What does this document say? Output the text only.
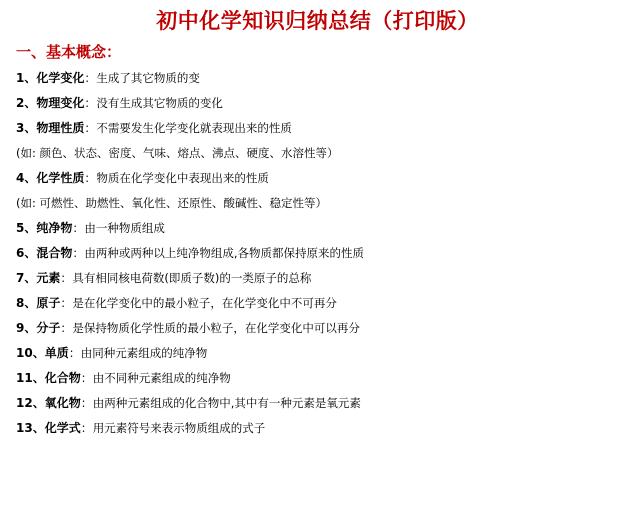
初中化学知识归纳总结（打印版）
一、基本概念：
1、化学变化：生成了其它物质的变
2、物理变化：没有生成其它物质的变化
3、物理性质：不需要发生化学变化就表现出来的性质
(如: 颜色、状态、密度、气味、熔点、沸点、硬度、水溶性等）
4、化学性质：物质在化学变化中表现出来的性质
(如: 可燃性、助燃性、氧化性、还原性、酸碱性、稳定性等）
5、纯净物：由一种物质组成
6、混合物：由两种或两种以上纯净物组成,各物质都保持原来的性质
7、元素：具有相同核电荷数(即质子数)的一类原子的总称
8、原子：是在化学变化中的最小粒子，在化学变化中不可再分
9、分子：是保持物质化学性质的最小粒子，在化学变化中可以再分
10、单质：由同种元素组成的纯净物
11、化合物：由不同种元素组成的纯净物
12、氧化物：由两种元素组成的化合物中,其中有一种元素是氧元素
13、化学式：用元素符号来表示物质组成的式子
